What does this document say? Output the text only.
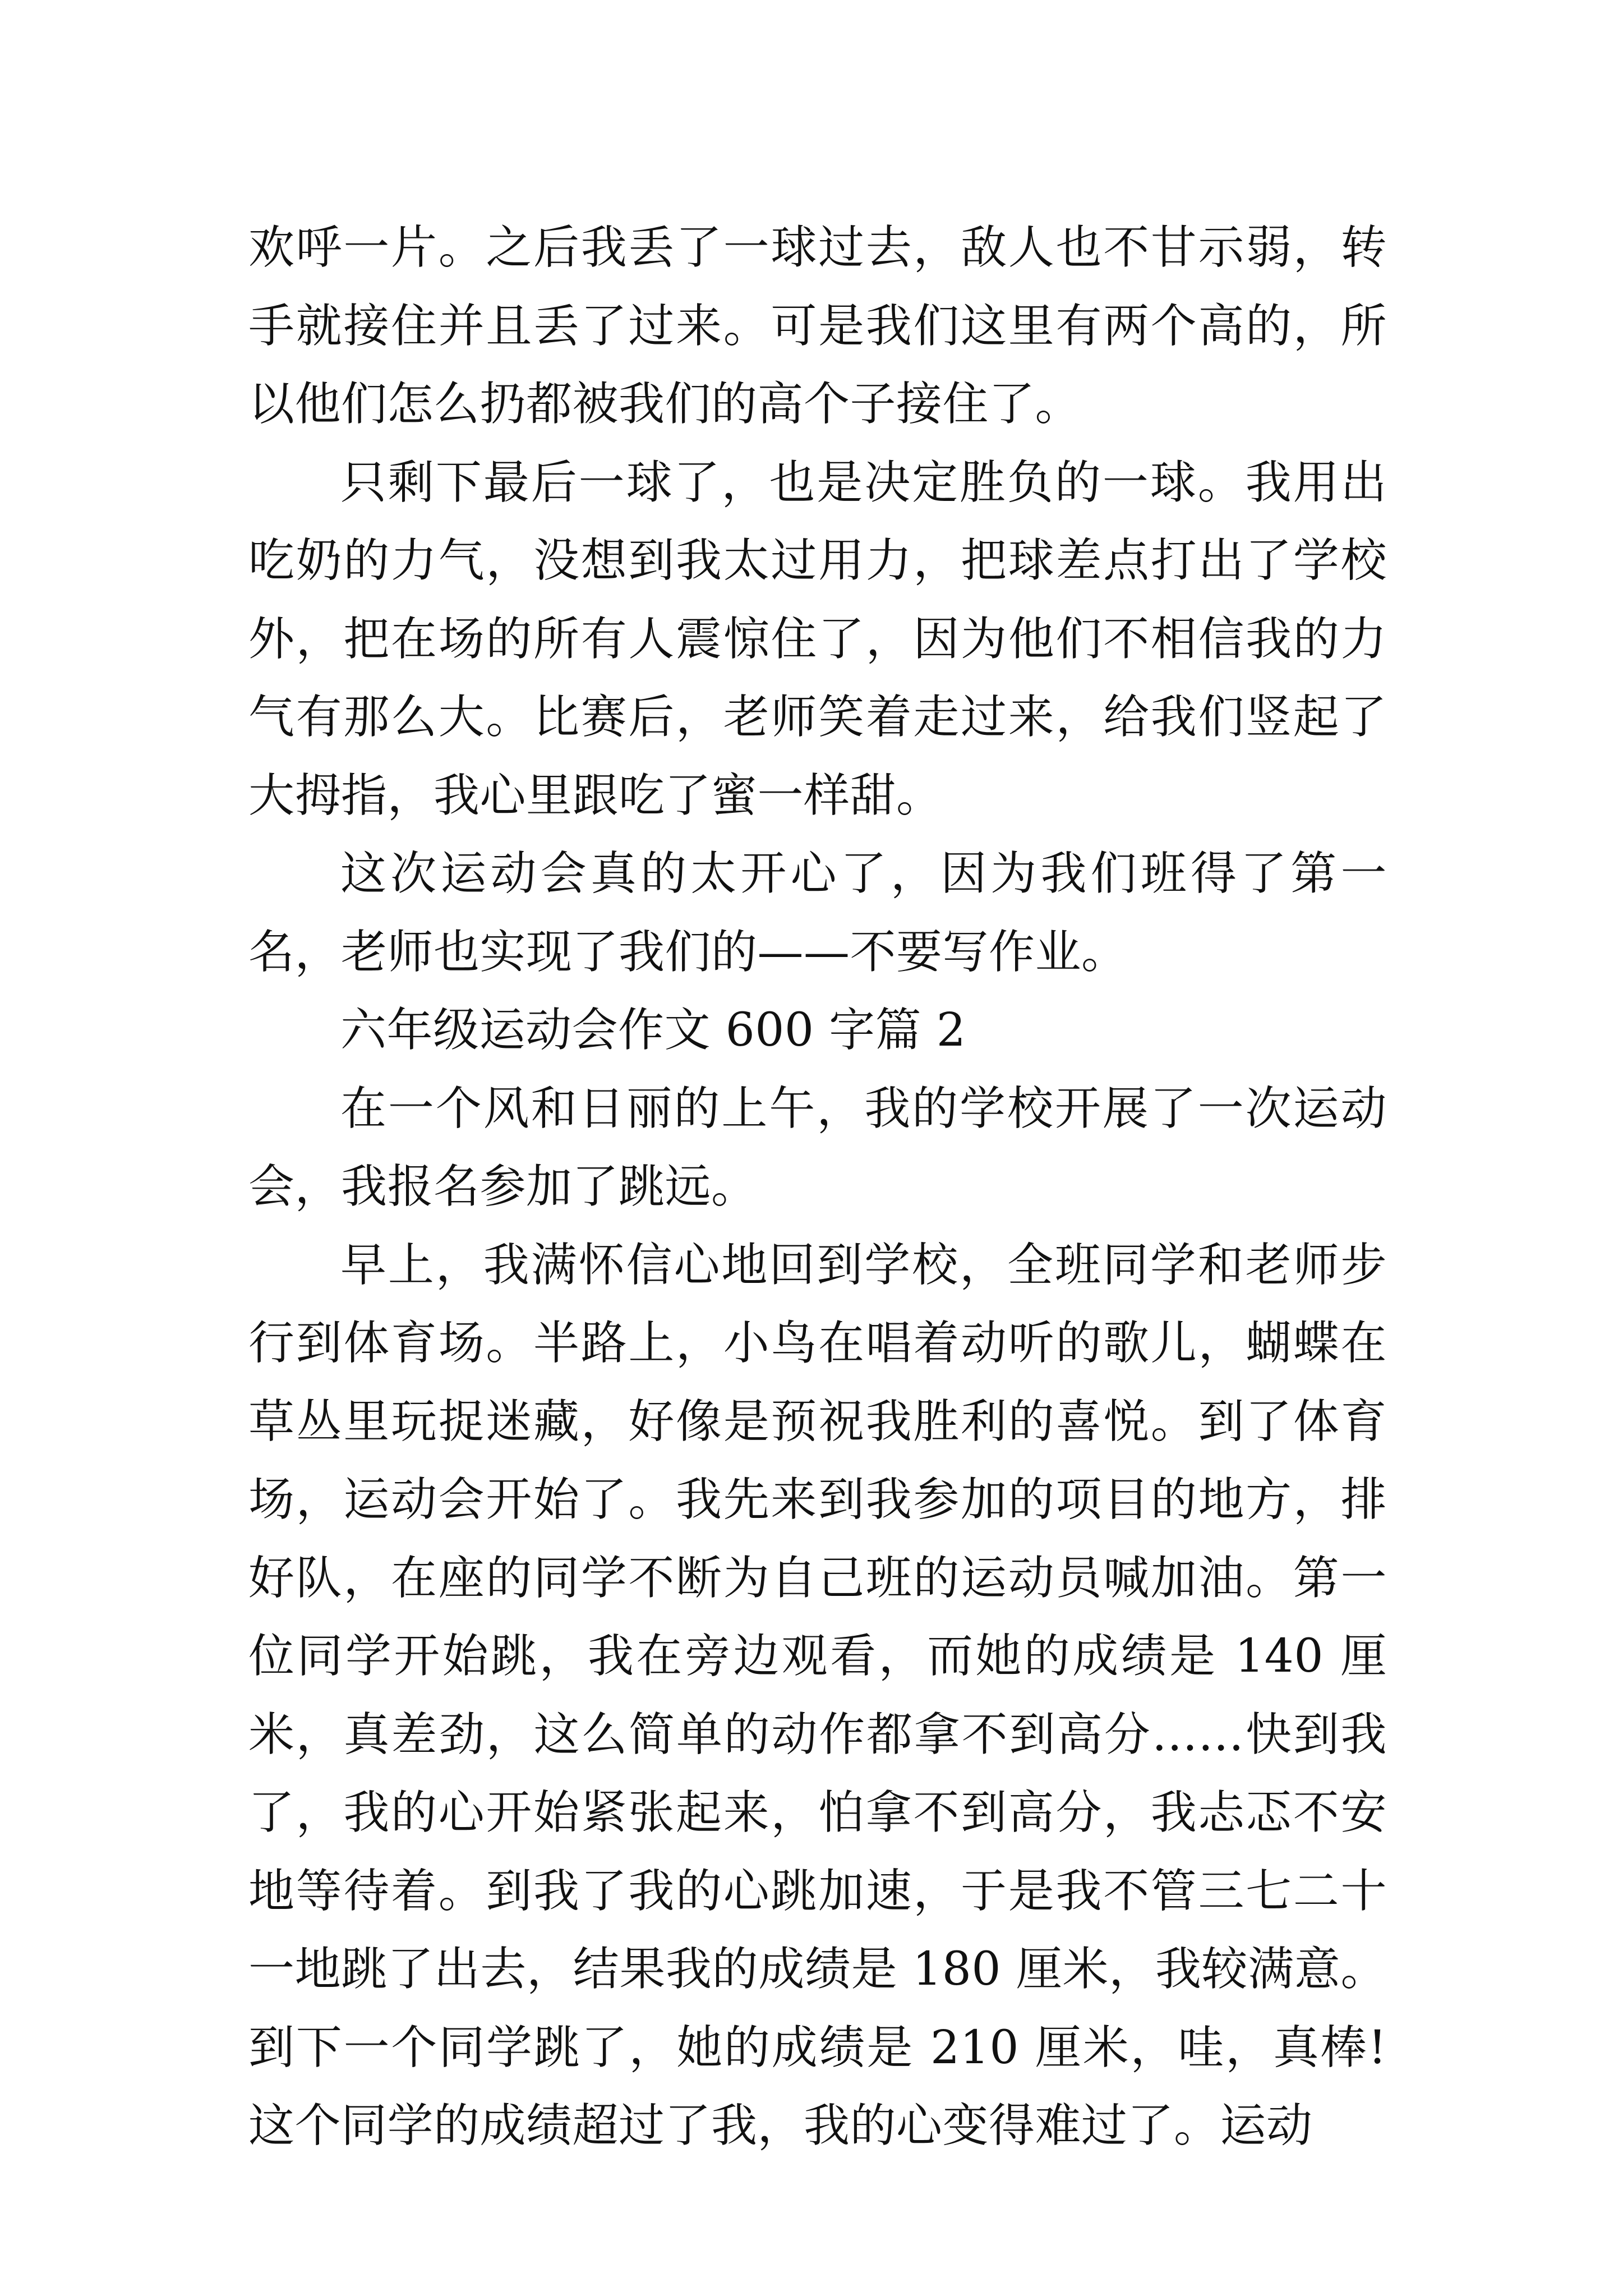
欢呼一片。之后我丢了一球过去，敌人也不甘示弱，转手就接住并且丢了过来。可是我们这里有两个高的，所以他们怎么扔都被我们的高个子接住了。

只剩下最后一球了，也是决定胜负的一球。我用出吃奶的力气，没想到我太过用力，把球差点打出了学校外，把在场的所有人震惊住了，因为他们不相信我的力气有那么大。比赛后，老师笑着走过来，给我们竖起了大拇指，我心里跟吃了蜜一样甜。

这次运动会真的太开心了，因为我们班得了第一名，老师也实现了我们的——不要写作业。

六年级运动会作文 600 字篇 2

在一个风和日丽的上午，我的学校开展了一次运动会，我报名参加了跳远。

早上，我满怀信心地回到学校，全班同学和老师步行到体育场。半路上，小鸟在唱着动听的歌儿，蝴蝶在草丛里玩捉迷藏，好像是预祝我胜利的喜悦。到了体育场，运动会开始了。我先来到我参加的项目的地方，排好队，在座的同学不断为自己班的运动员喊加油。第一位同学开始跳，我在旁边观看，而她的成绩是 140 厘米，真差劲，这么简单的动作都拿不到高分……快到我了，我的心开始紧张起来，怕拿不到高分，我忐忑不安地等待着。到我了我的心跳加速，于是我不管三七二十一地跳了出去，结果我的成绩是 180 厘米，我较满意。到下一个同学跳了，她的成绩是 210 厘米，哇，真棒!这个同学的成绩超过了我，我的心变得难过了。运动
